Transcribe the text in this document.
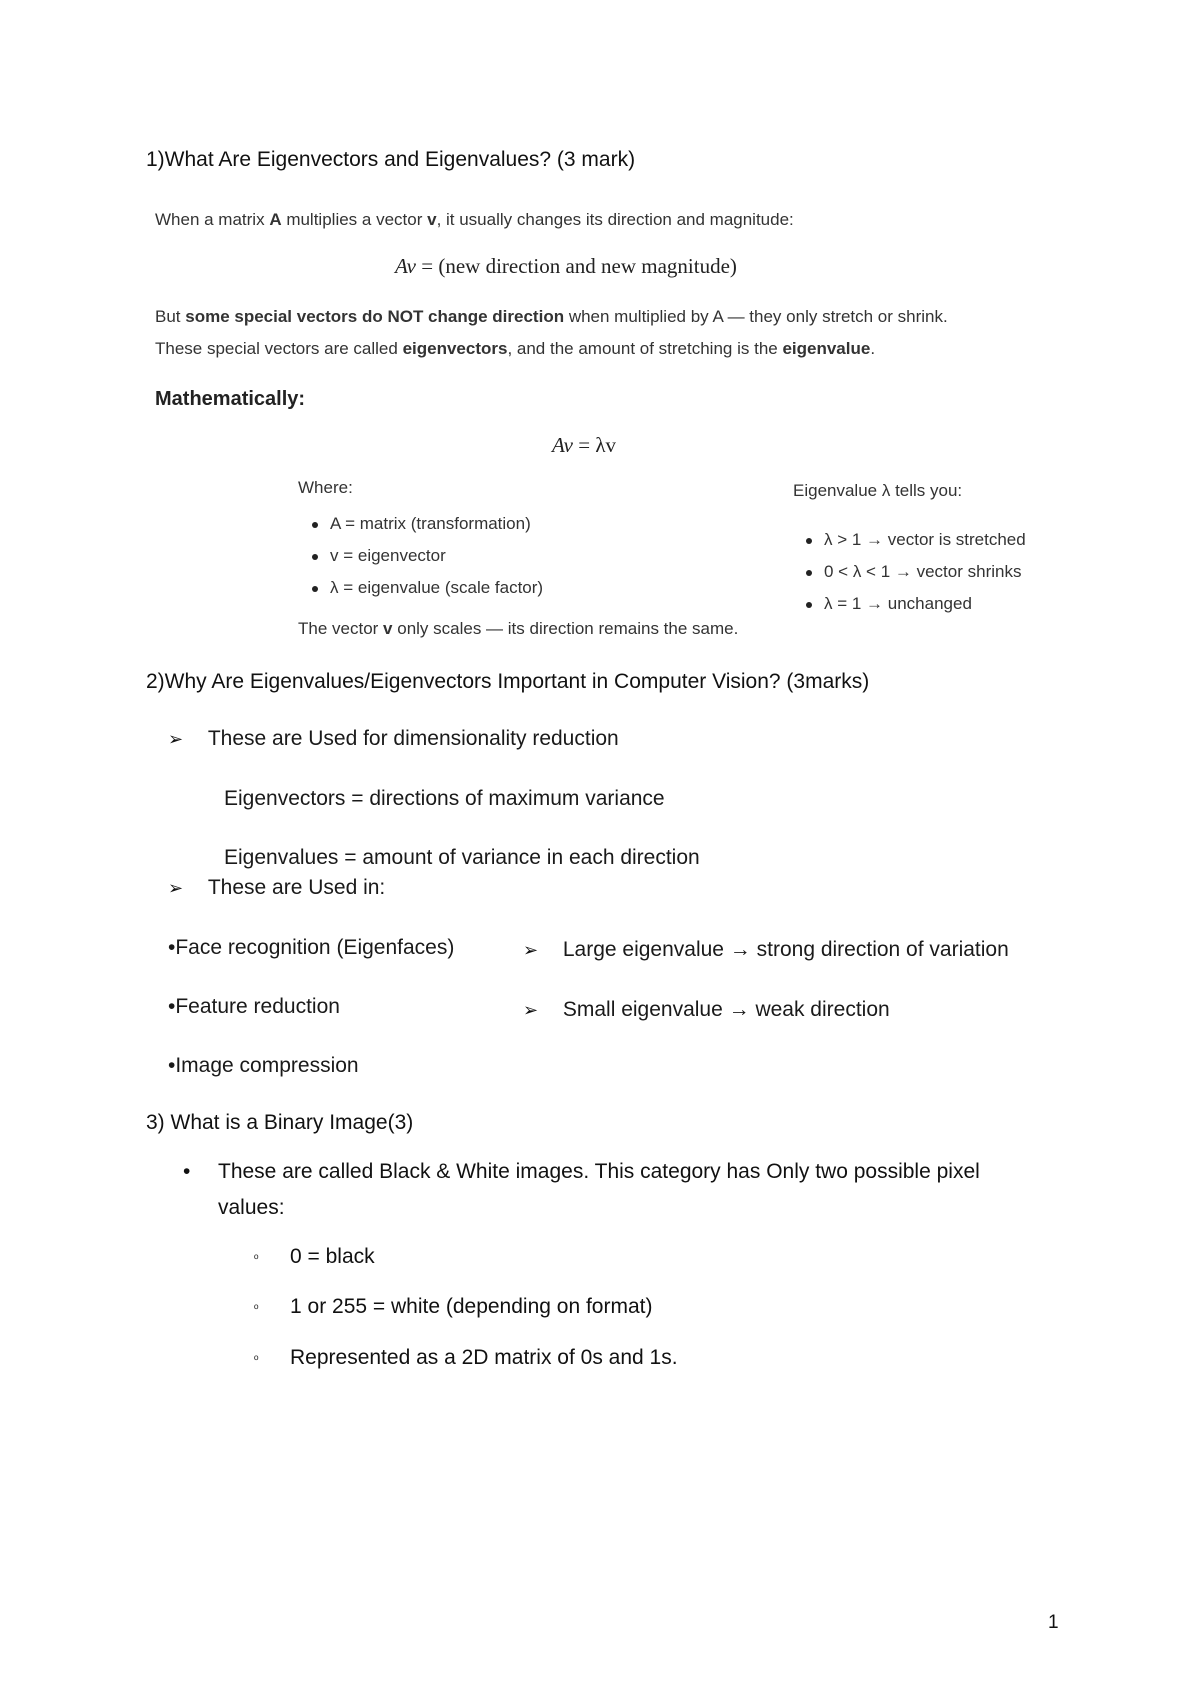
1)What Are Eigenvectors and Eigenvalues? (3 mark)
When a matrix A multiplies a vector v, it usually changes its direction and magnitude:
Av = (new direction and new magnitude)
But some special vectors do NOT change direction when multiplied by A — they only stretch or shrink.
These special vectors are called eigenvectors, and the amount of stretching is the eigenvalue.
Mathematically:
Av = λv
Where:
A = matrix (transformation)
v = eigenvector
λ = eigenvalue (scale factor)
The vector v only scales — its direction remains the same.
Eigenvalue λ tells you:
λ > 1 → vector is stretched
0 < λ < 1 → vector shrinks
λ = 1 → unchanged
2)Why Are Eigenvalues/Eigenvectors Important in Computer Vision? (3marks)
➢ These are Used for dimensionality reduction
Eigenvectors = directions of maximum variance
Eigenvalues = amount of variance in each direction
➢ These are Used in:
•Face recognition (Eigenfaces)
•Feature reduction
•Image compression
➢ Large eigenvalue → strong direction of variation
➢ Small eigenvalue → weak direction
3) What is a Binary Image(3)
• These are called Black & White images. This category has Only two possible pixel
values:
º 0 = black
º 1 or 255 = white (depending on format)
º Represented as a 2D matrix of 0s and 1s.
1
